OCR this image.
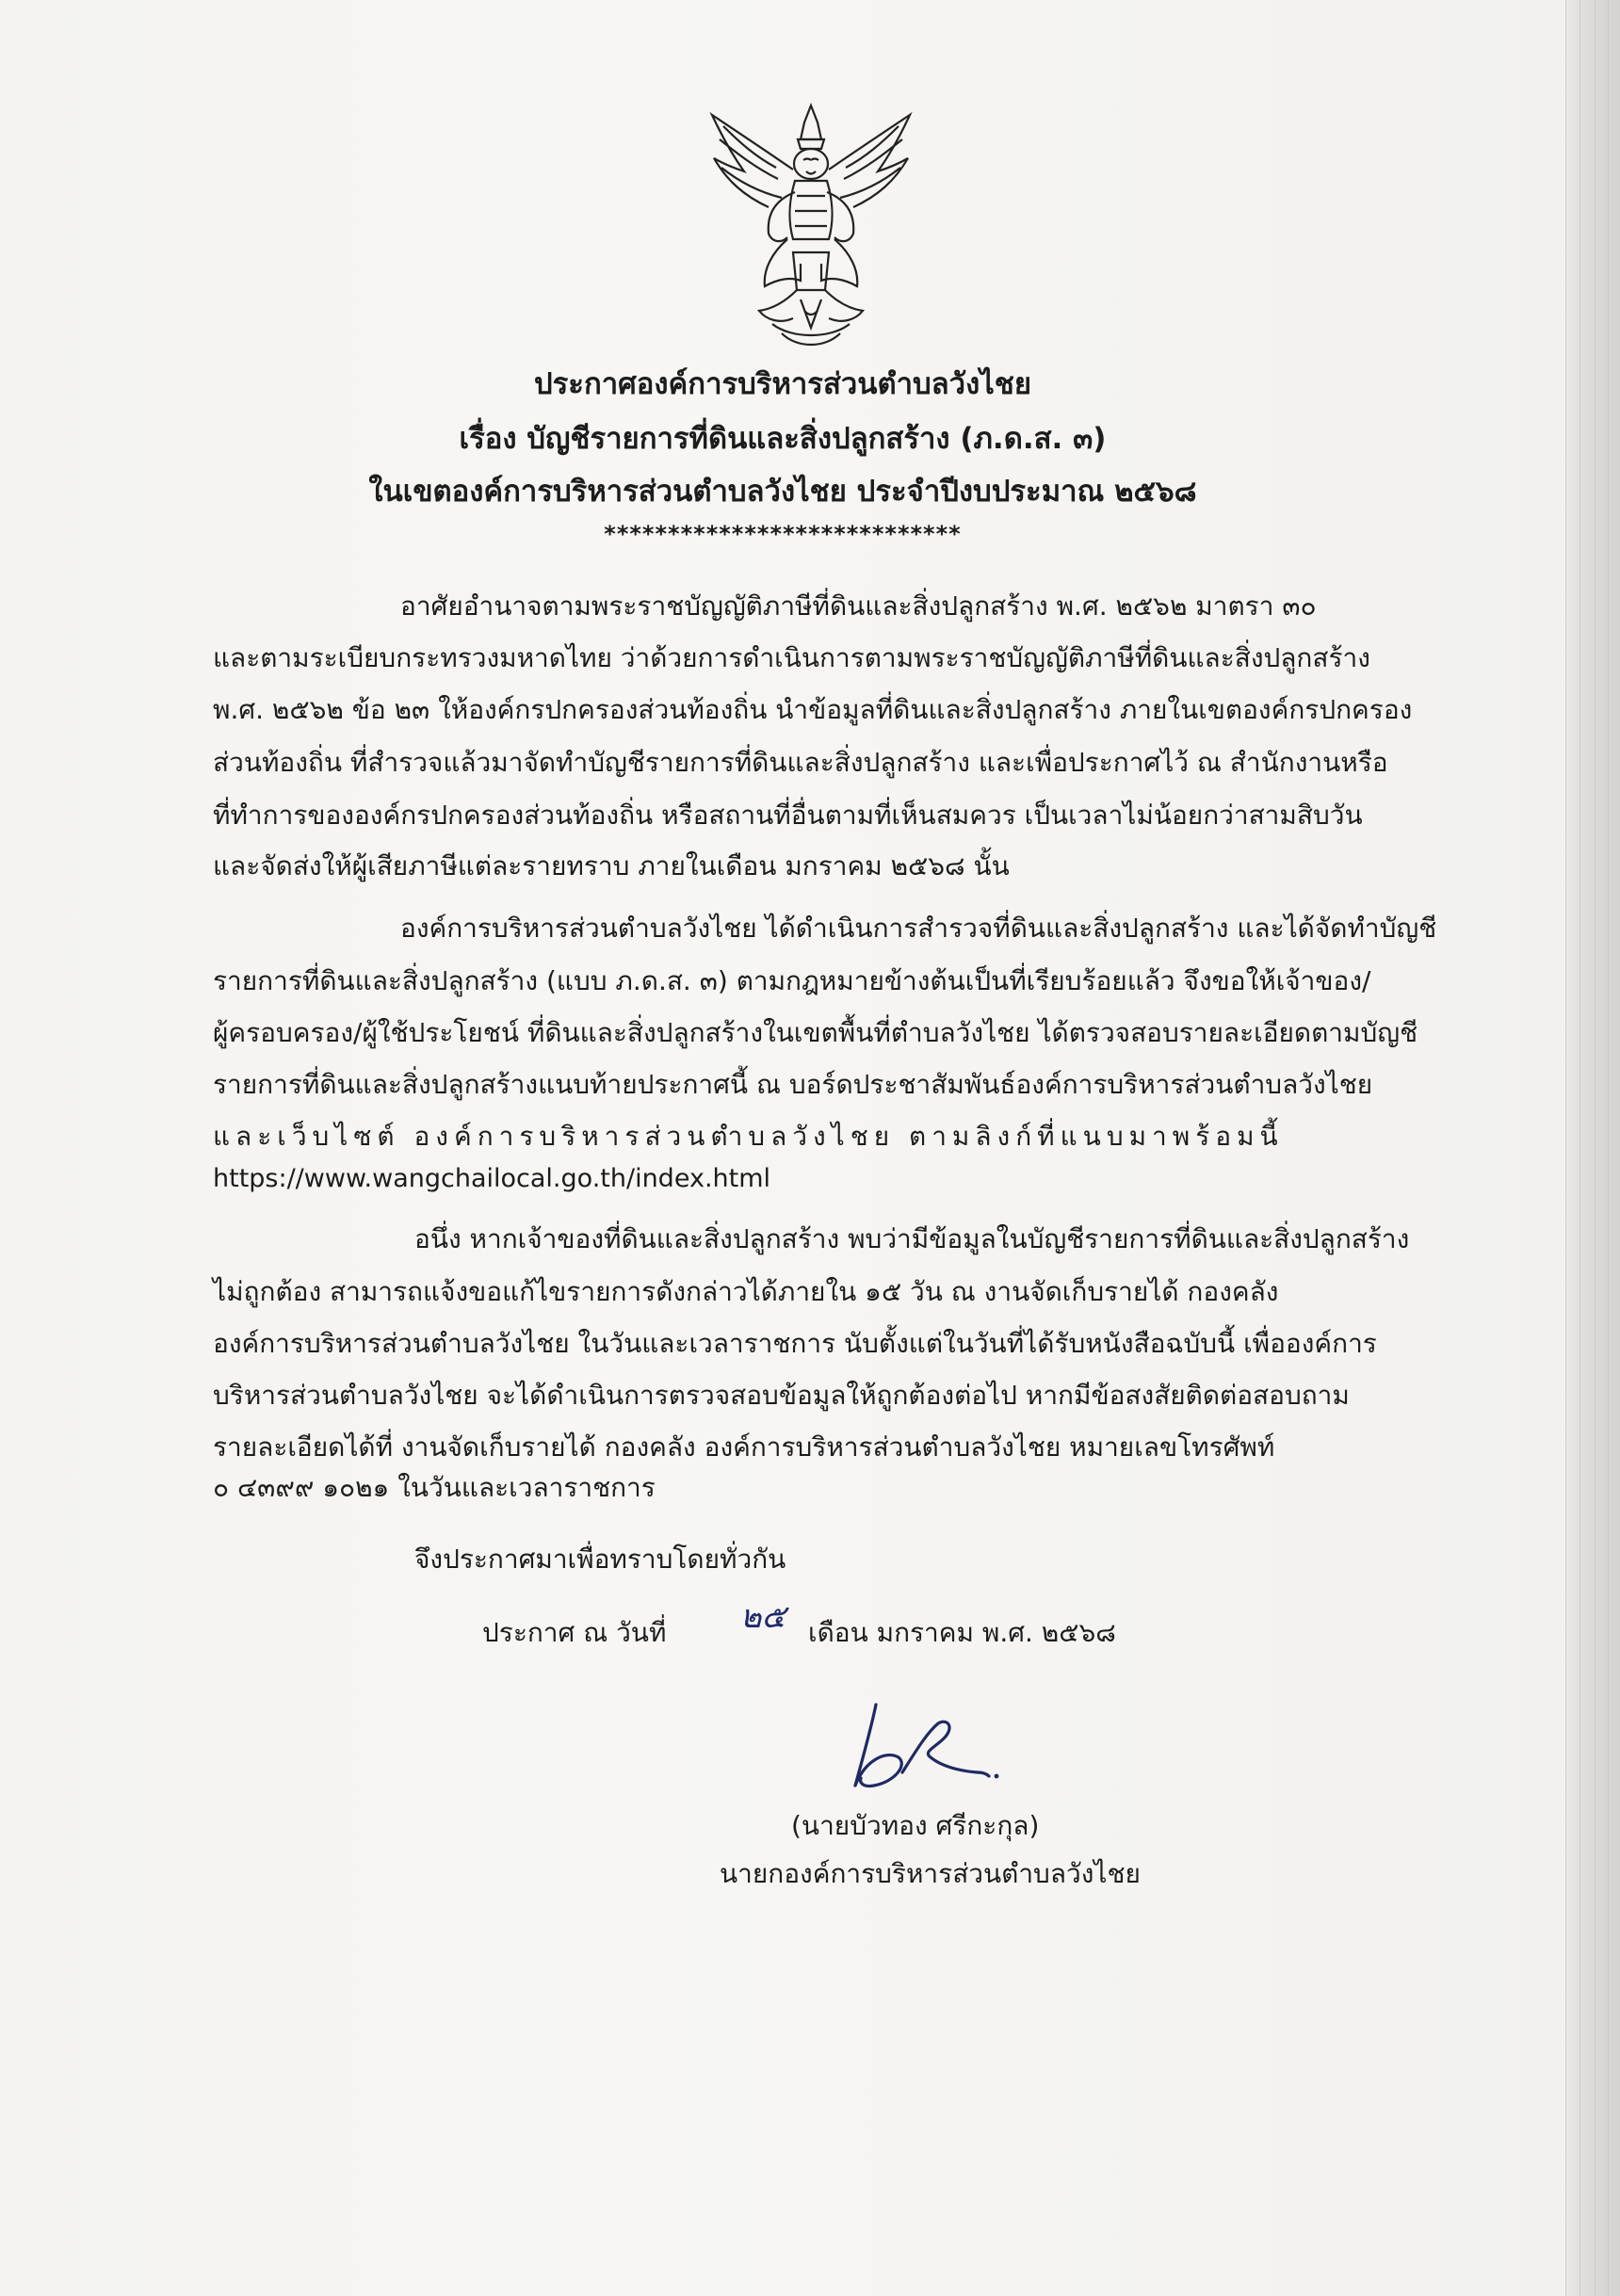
ประกาศองค์การบริหารส่วนตำบลวังไชย
เรื่อง บัญชีรายการที่ดินและสิ่งปลูกสร้าง (ภ.ด.ส. ๓)
ในเขตองค์การบริหารส่วนตำบลวังไชย ประจำปีงบประมาณ ๒๕๖๘
****************************
อาศัยอำนาจตามพระราชบัญญัติภาษีที่ดินและสิ่งปลูกสร้าง พ.ศ. ๒๕๖๒ มาตรา ๓๐
และตามระเบียบกระทรวงมหาดไทย ว่าด้วยการดำเนินการตามพระราชบัญญัติภาษีที่ดินและสิ่งปลูกสร้าง
พ.ศ. ๒๕๖๒ ข้อ ๒๓ ให้องค์กรปกครองส่วนท้องถิ่น นำข้อมูลที่ดินและสิ่งปลูกสร้าง ภายในเขตองค์กรปกครอง
ส่วนท้องถิ่น ที่สำรวจแล้วมาจัดทำบัญชีรายการที่ดินและสิ่งปลูกสร้าง และเพื่อประกาศไว้ ณ สำนักงานหรือ
ที่ทำการขององค์กรปกครองส่วนท้องถิ่น หรือสถานที่อื่นตามที่เห็นสมควร เป็นเวลาไม่น้อยกว่าสามสิบวัน
และจัดส่งให้ผู้เสียภาษีแต่ละรายทราบ ภายในเดือน มกราคม ๒๕๖๘ นั้น
องค์การบริหารส่วนตำบลวังไชย ได้ดำเนินการสำรวจที่ดินและสิ่งปลูกสร้าง และได้จัดทำบัญชี
รายการที่ดินและสิ่งปลูกสร้าง (แบบ ภ.ด.ส. ๓) ตามกฎหมายข้างต้นเป็นที่เรียบร้อยแล้ว จึงขอให้เจ้าของ/
ผู้ครอบครอง/ผู้ใช้ประโยชน์ ที่ดินและสิ่งปลูกสร้างในเขตพื้นที่ตำบลวังไชย ได้ตรวจสอบรายละเอียดตามบัญชี
รายการที่ดินและสิ่งปลูกสร้างแนบท้ายประกาศนี้ ณ บอร์ดประชาสัมพันธ์องค์การบริหารส่วนตำบลวังไชย
และเว็บไซต์ องค์การบริหารส่วนตำบลวังไชย ตามลิงก์ที่แนบมาพร้อมนี้
https://www.wangchailocal.go.th/index.html
อนึ่ง หากเจ้าของที่ดินและสิ่งปลูกสร้าง พบว่ามีข้อมูลในบัญชีรายการที่ดินและสิ่งปลูกสร้าง
ไม่ถูกต้อง สามารถแจ้งขอแก้ไขรายการดังกล่าวได้ภายใน ๑๕ วัน ณ งานจัดเก็บรายได้ กองคลัง
องค์การบริหารส่วนตำบลวังไชย ในวันและเวลาราชการ นับตั้งแต่ในวันที่ได้รับหนังสือฉบับนี้ เพื่อองค์การ
บริหารส่วนตำบลวังไชย จะได้ดำเนินการตรวจสอบข้อมูลให้ถูกต้องต่อไป หากมีข้อสงสัยติดต่อสอบถาม
รายละเอียดได้ที่ งานจัดเก็บรายได้ กองคลัง องค์การบริหารส่วนตำบลวังไชย หมายเลขโทรศัพท์
๐ ๔๓๙๙ ๑๐๒๑ ในวันและเวลาราชการ
จึงประกาศมาเพื่อทราบโดยทั่วกัน
ประกาศ ณ วันที่ ๒๕ เดือน มกราคม พ.ศ. ๒๕๖๘
(นายบัวทอง ศรีกะกุล)
นายกองค์การบริหารส่วนตำบลวังไชย
